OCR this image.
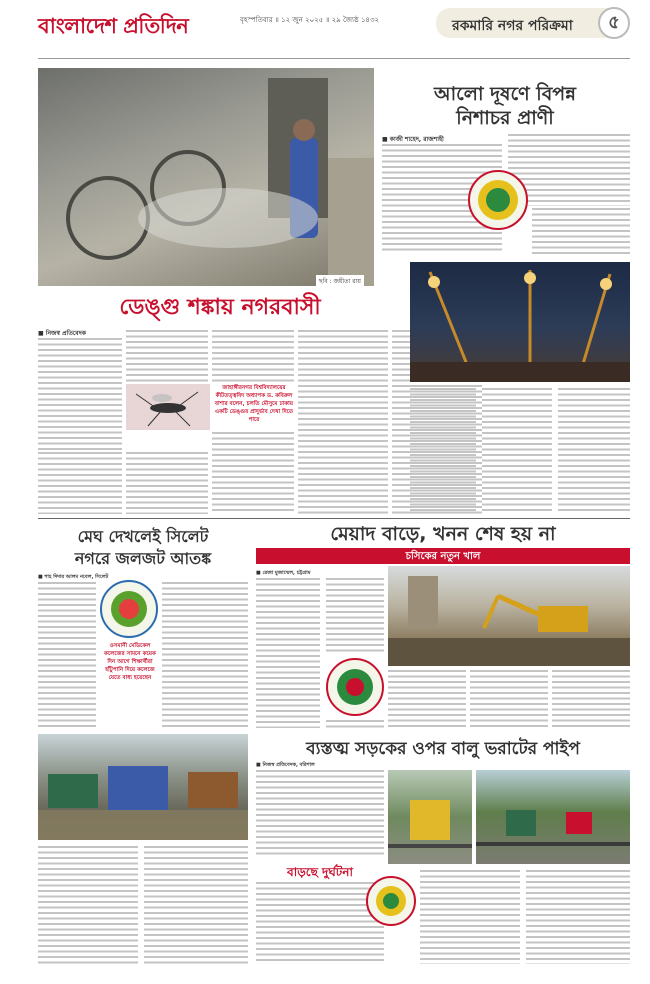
বাংলাদেশ প্রতিদিন	বৃহস্পতিবার ॥ ১২ জুন ২০২৫ ॥ ২৯ জ্যৈষ্ঠ ১৪৩২	রকমারি নগর পরিক্রমা	৫
ছবি : জয়ীতা রায়
ডেঙ্গু শঙ্কায় নগরবাসী
■ নিজস্ব প্রতিবেদক
জাহাঙ্গীরনগর বিশ্ববিদ্যালয়ের কীটতত্ত্ববিদ অধ্যাপক ড. কবিরুল বাশার বলেন, চলতি মৌসুমে ঢাকায় একটি ডেঙ্গুর প্রাদুর্ভাব দেখা দিতে পারে
আলো দূষণে বিপন্ন
নিশাচর প্রাণী
■ কাজী শাহেদ, রাজশাহী
মেঘ দেখলেই সিলেট
নগরে জলজট আতঙ্ক
■ শাহ দিদার আলম নবেল, সিলেট
ওসমানী মেডিকেল কলেজের সামনে কয়েক দিন আগে শিক্ষার্থীরা হাঁটুপানি দিয়ে কলেজে যেতে বাধ্য হয়েছেন
মেয়াদ বাড়ে, খনন শেষ হয় না
চসিকের নতুন খাল
■ রেজা মুজাম্মেল, চট্টগ্রাম
ব্যস্তত্ম সড়কের ওপর বালু ভরাটের পাইপ
■ নিজস্ব প্রতিবেদক, বরিশাল
বাড়ছে দুর্ঘটনা
